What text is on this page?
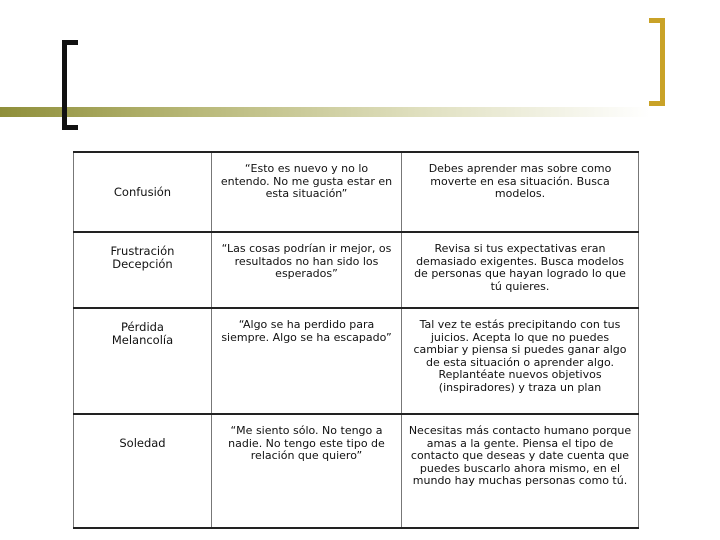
Confusión	“Esto es nuevo y no lo entendo. No me gusta estar en esta situación”	Debes aprender mas sobre como moverte en esa situación. Busca modelos.

Frustración
Decepción	“Las cosas podrían ir mejor, os resultados no han sido los esperados”	Revisa si tus expectativas eran demasiado exigentes. Busca modelos de personas que hayan logrado lo que tú quieres.

Pérdida
Melancolía	“Algo se ha perdido para siempre. Algo se ha escapado”	Tal vez te estás precipitando con tus juicios. Acepta lo que no puedes cambiar y piensa si puedes ganar algo de esta situación o aprender algo. Replantéate nuevos objetivos (inspiradores) y traza un plan

Soledad	“Me siento sólo. No tengo a nadie. No tengo este tipo de relación que quiero”	Necesitas más contacto humano porque amas a la gente. Piensa el tipo de contacto que deseas y date cuenta que puedes buscarlo ahora mismo, en el mundo hay muchas personas como tú.
